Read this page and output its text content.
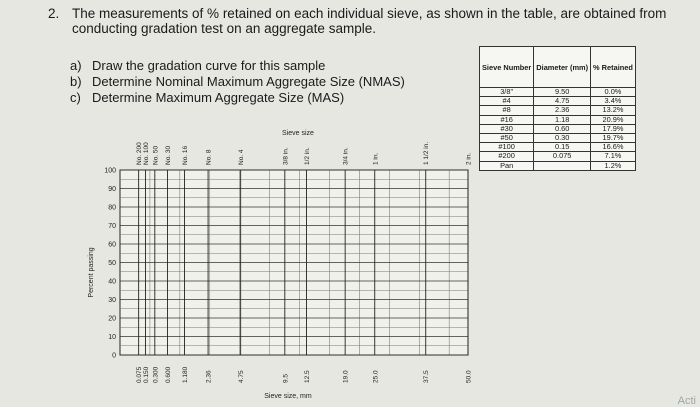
2. The measurements of % retained on each individual sieve, as shown in the table, are obtained from conducting gradation test on an aggregate sample.
a) Draw the gradation curve for this sample
b) Determine Nominal Maximum Aggregate Size (NMAS)
c) Determine Maximum Aggregate Size (MAS)
Sieve Number	Diameter (mm)	% Retained
3/8"	9.50	0.0%
#4	4.75	3.4%
#8	2.36	13.2%
#16	1.18	20.9%
#30	0.60	17.9%
#50	0.30	19.7%
#100	0.15	16.6%
#200	0.075	7.1%
Pan		1.2%
0
10
20
30
40
50
60
70
80
90
100
0.075 0.150 0.300 0.600 1.180	2.36	4.75	9.5 12.5	19.0	25.0	37.5	50.0
No. 200 No. 100 No. 50 No. 30 No. 16	No. 8	No. 4	3/8 in. 1/2 in.	3/4 in.	1 in.	1 1/2 in.	2 in.
Sieve size
Sieve size, mm
Percent passing
Acti
